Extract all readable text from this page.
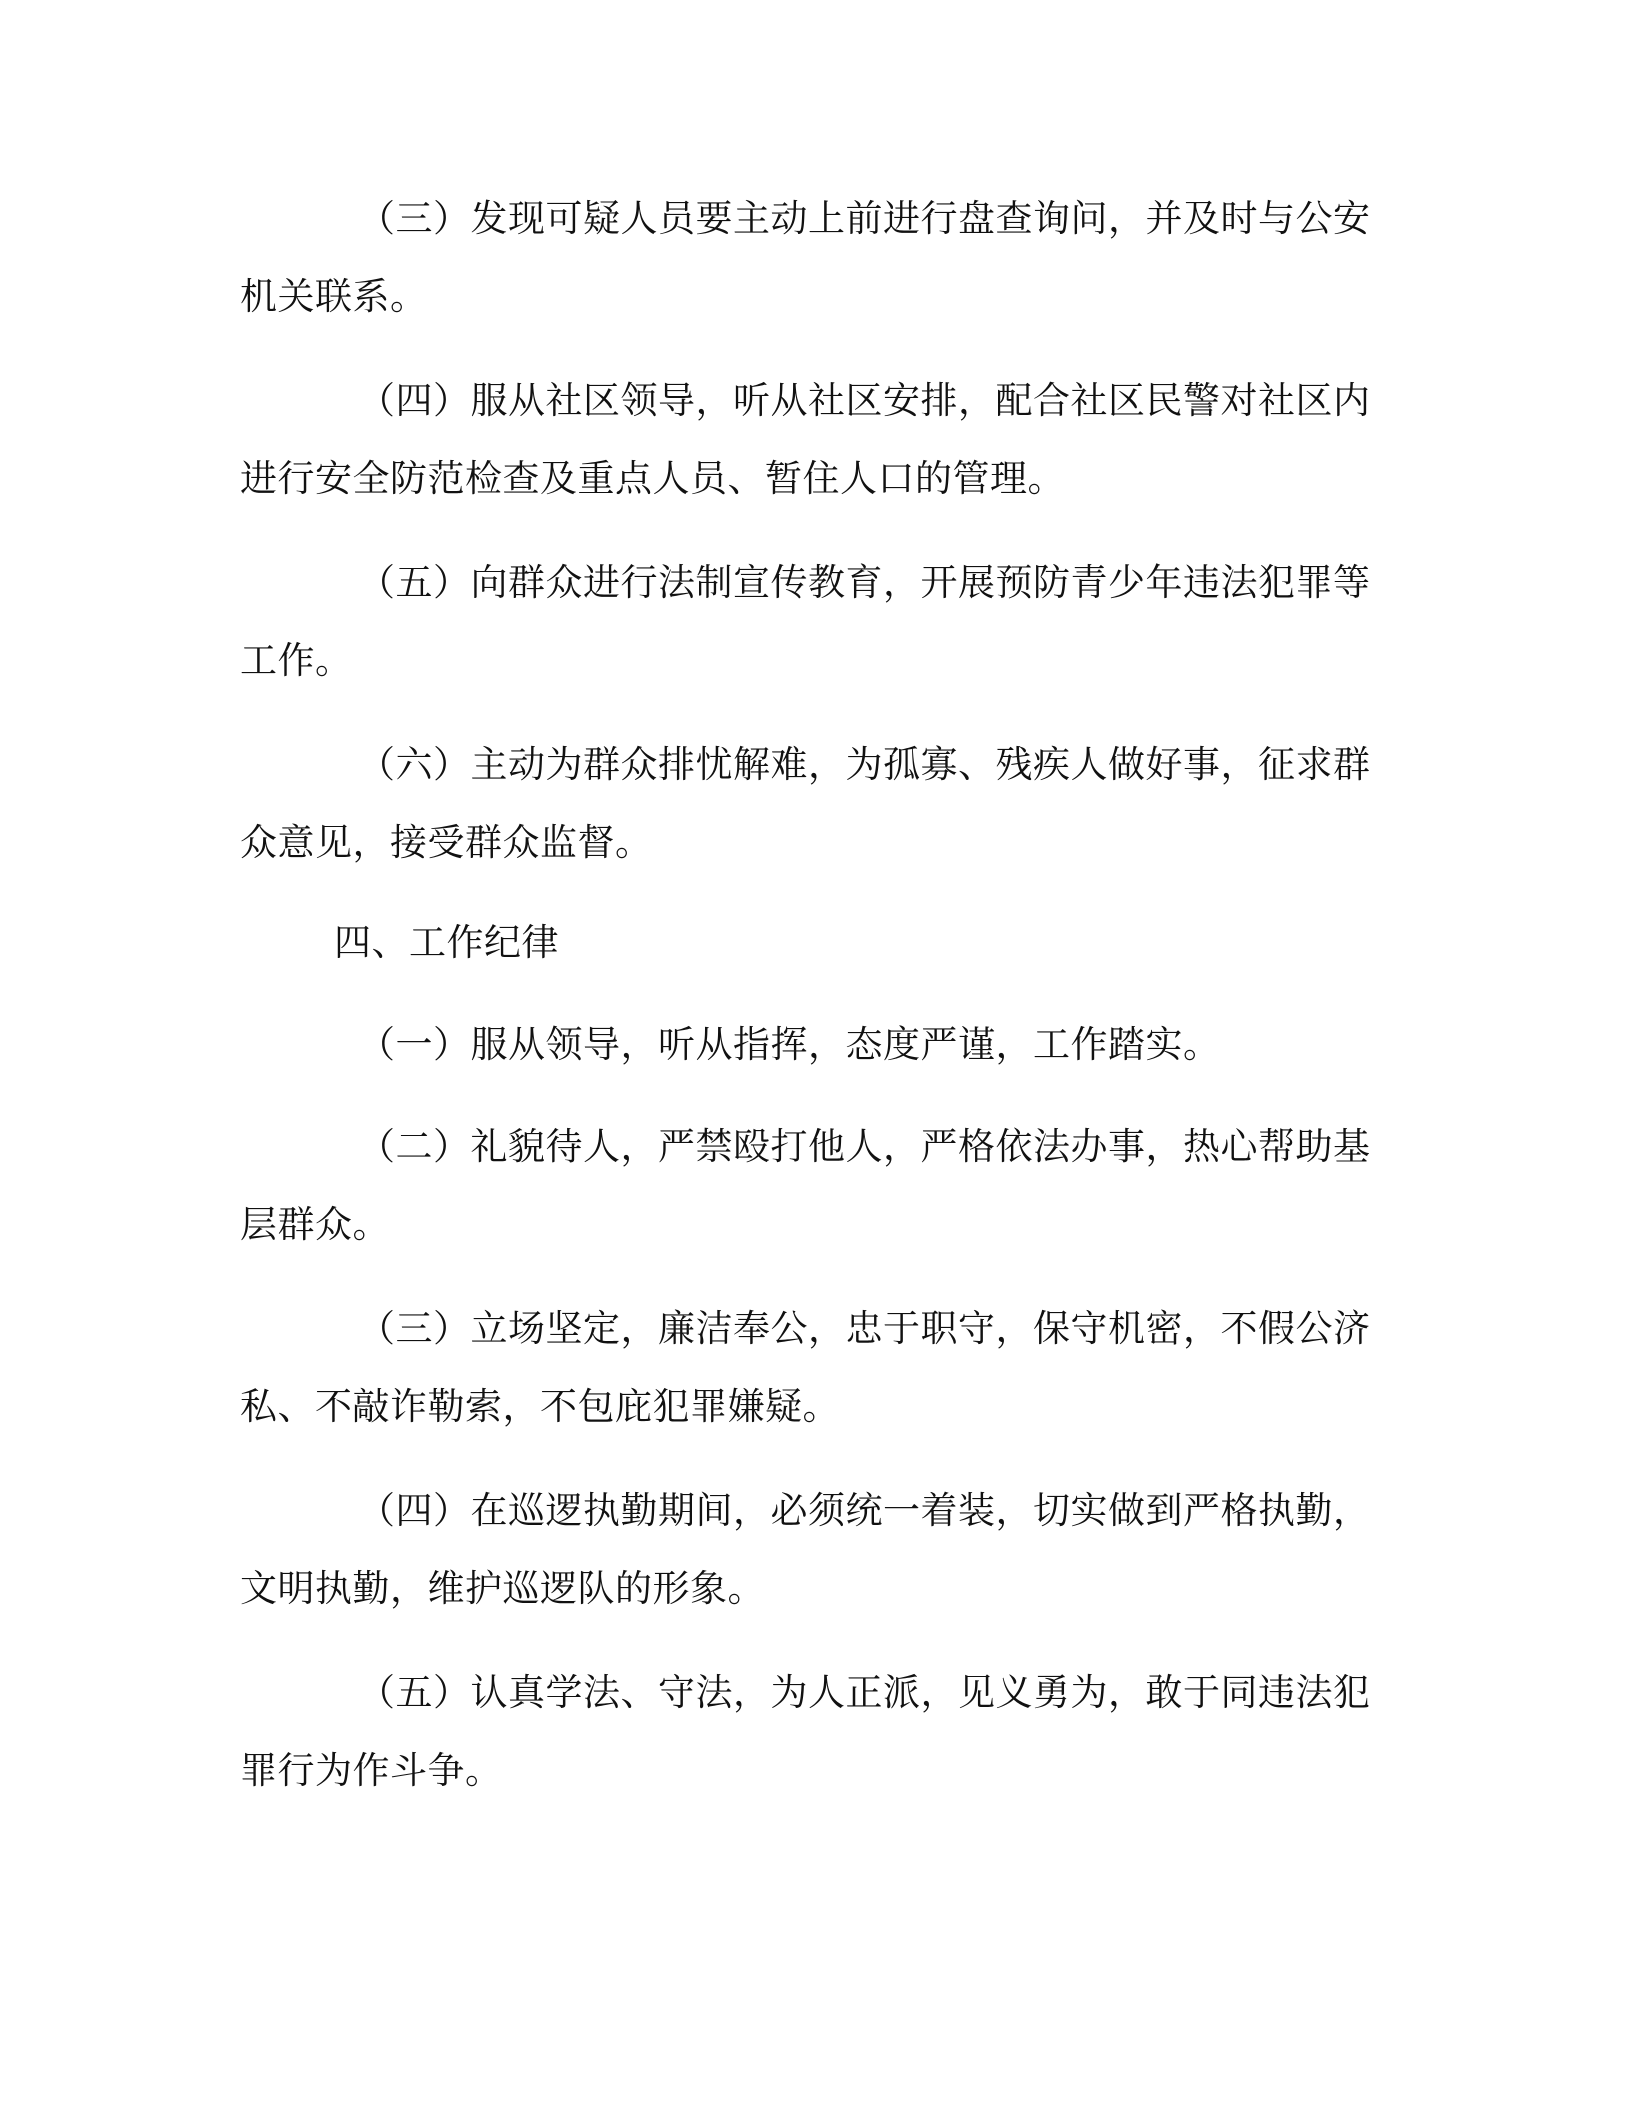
（三）发现可疑人员要主动上前进行盘查询问，并及时与公安机关联系。

（四）服从社区领导，听从社区安排，配合社区民警对社区内进行安全防范检查及重点人员、暂住人口的管理。

（五）向群众进行法制宣传教育，开展预防青少年违法犯罪等工作。

（六）主动为群众排忧解难，为孤寡、残疾人做好事，征求群众意见，接受群众监督。

四、工作纪律

（一）服从领导，听从指挥，态度严谨，工作踏实。

（二）礼貌待人，严禁殴打他人，严格依法办事，热心帮助基层群众。

（三）立场坚定，廉洁奉公，忠于职守，保守机密，不假公济私、不敲诈勒索，不包庇犯罪嫌疑。

（四）在巡逻执勤期间，必须统一着装，切实做到严格执勤，文明执勤，维护巡逻队的形象。

（五）认真学法、守法，为人正派，见义勇为，敢于同违法犯罪行为作斗争。
